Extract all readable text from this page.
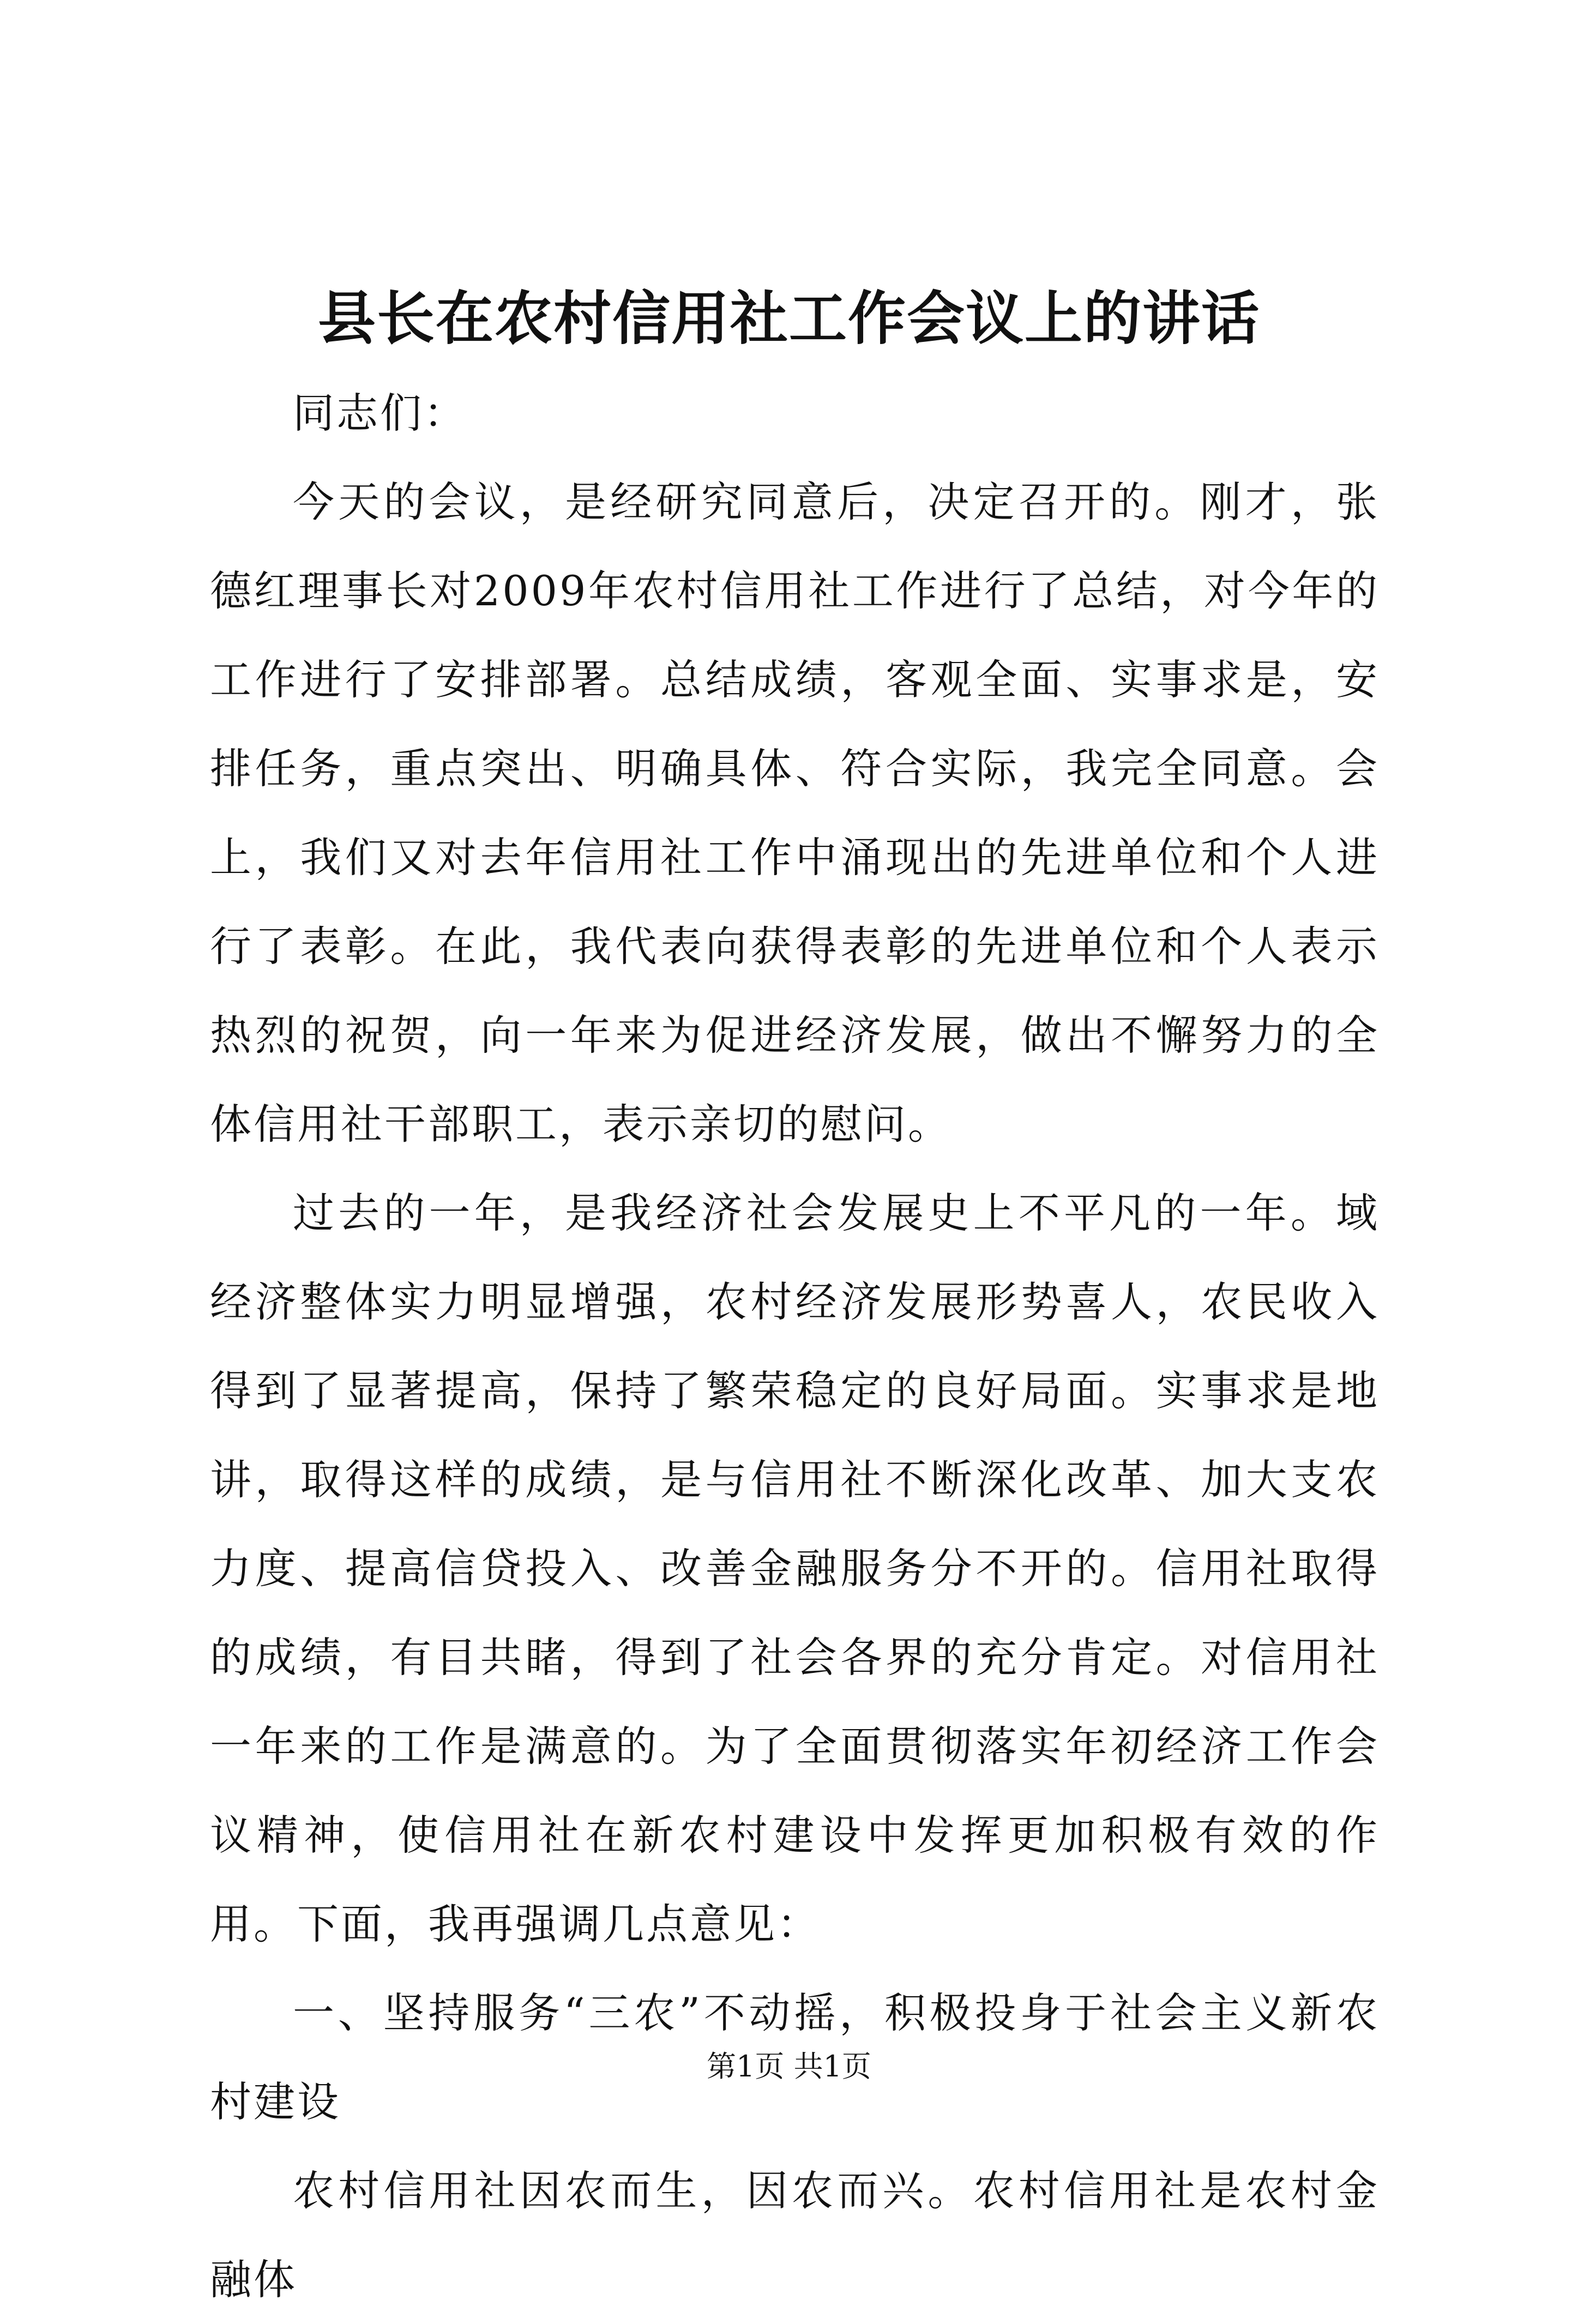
县长在农村信用社工作会议上的讲话

同志们：

今天的会议，是经研究同意后，决定召开的。刚才，张德红理事长对2009年农村信用社工作进行了总结，对今年的工作进行了安排部署。总结成绩，客观全面、实事求是，安排任务，重点突出、明确具体、符合实际，我完全同意。会上，我们又对去年信用社工作中涌现出的先进单位和个人进行了表彰。在此，我代表向获得表彰的先进单位和个人表示热烈的祝贺，向一年来为促进经济发展，做出不懈努力的全体信用社干部职工，表示亲切的慰问。

过去的一年，是我经济社会发展史上不平凡的一年。域经济整体实力明显增强，农村经济发展形势喜人，农民收入得到了显著提高，保持了繁荣稳定的良好局面。实事求是地讲，取得这样的成绩，是与信用社不断深化改革、加大支农力度、提高信贷投入、改善金融服务分不开的。信用社取得的成绩，有目共睹，得到了社会各界的充分肯定。对信用社一年来的工作是满意的。为了全面贯彻落实年初经济工作会议精神，使信用社在新农村建设中发挥更加积极有效的作用。下面，我再强调几点意见：

一、坚持服务“三农”不动摇，积极投身于社会主义新农村建设

农村信用社因农而生，因农而兴。农村信用社是农村金融体

第1页 共1页
